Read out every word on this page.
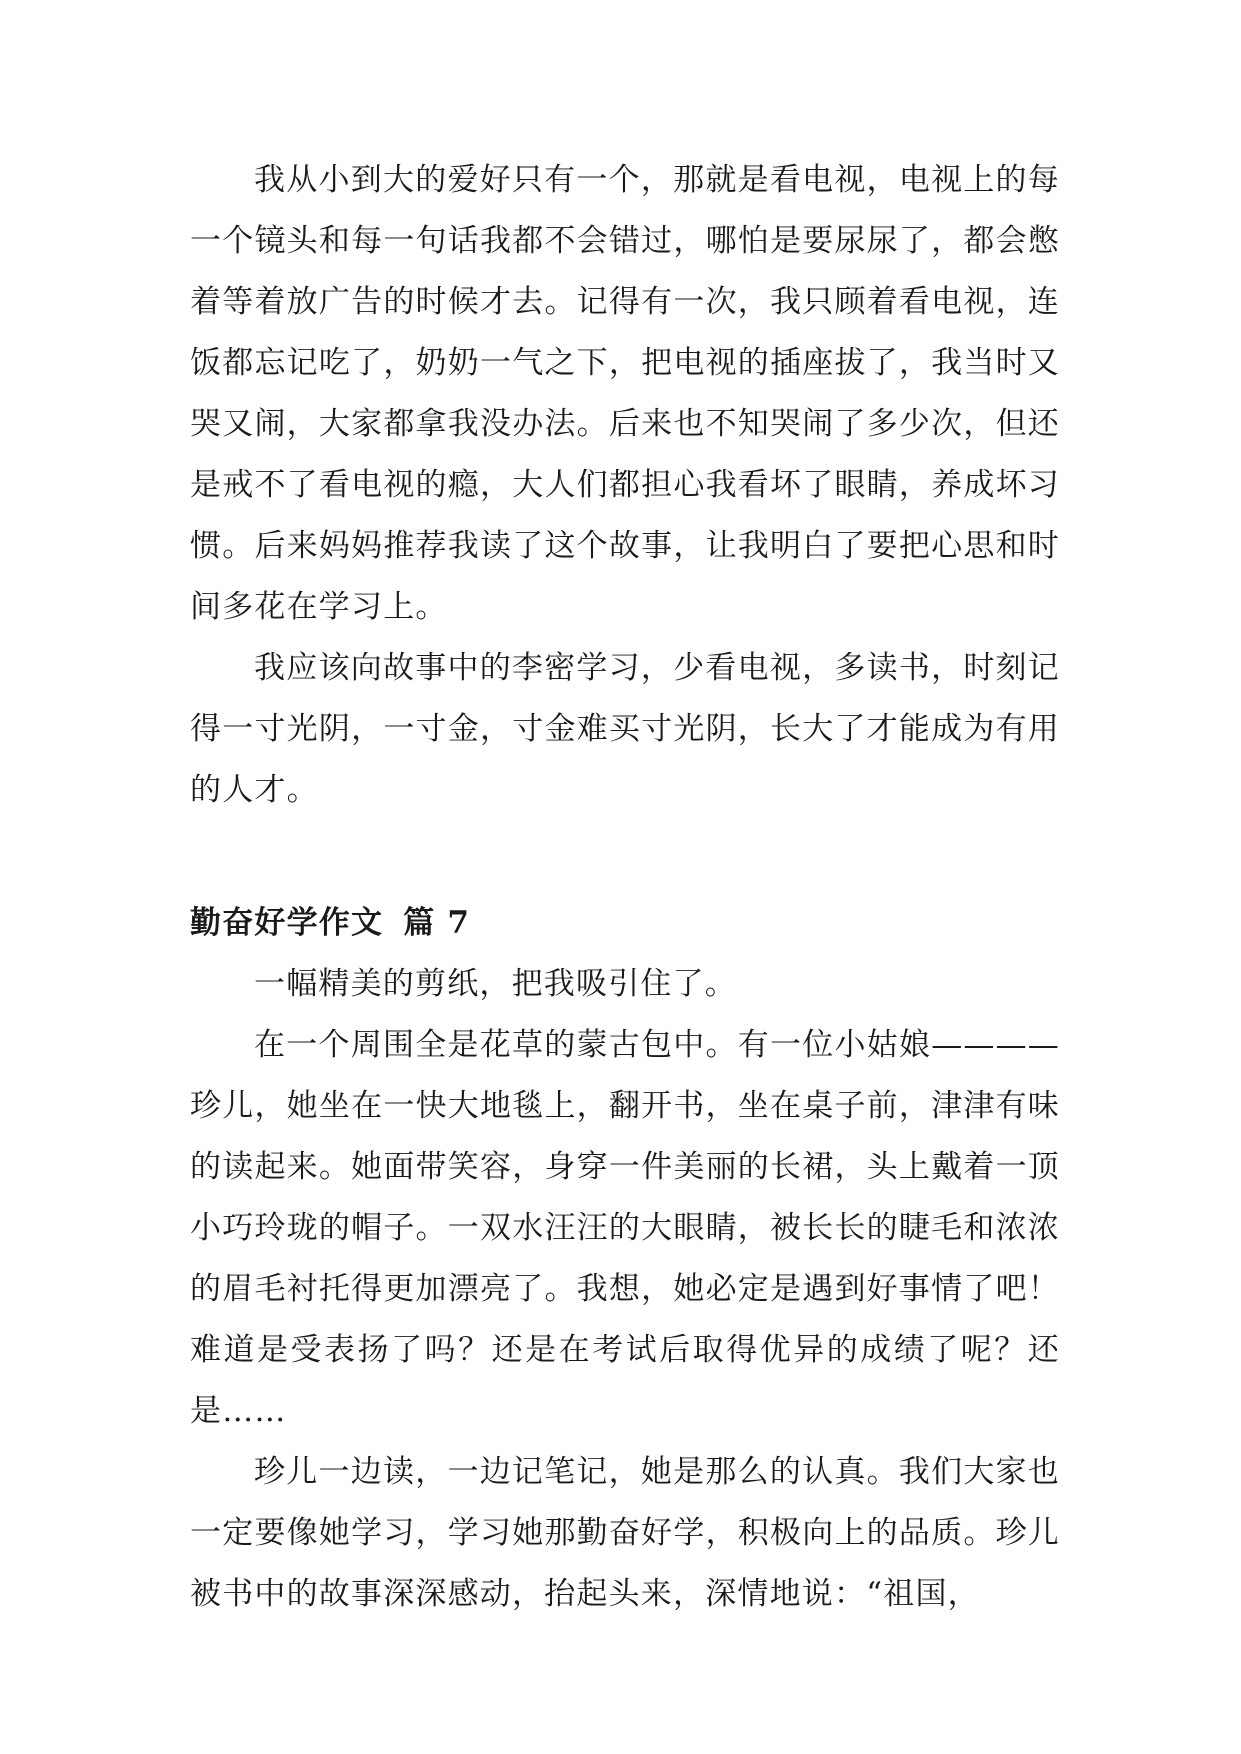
我从小到大的爱好只有一个，那就是看电视，电视上的每一个镜头和每一句话我都不会错过，哪怕是要尿尿了，都会憋着等着放广告的时候才去。记得有一次，我只顾着看电视，连饭都忘记吃了，奶奶一气之下，把电视的插座拔了，我当时又哭又闹，大家都拿我没办法。后来也不知哭闹了多少次，但还是戒不了看电视的瘾，大人们都担心我看坏了眼睛，养成坏习惯。后来妈妈推荐我读了这个故事，让我明白了要把心思和时间多花在学习上。

我应该向故事中的李密学习，少看电视，多读书，时刻记得一寸光阴，一寸金，寸金难买寸光阴，长大了才能成为有用的人才。

勤奋好学作文 篇 7

一幅精美的剪纸，把我吸引住了。

在一个周围全是花草的蒙古包中。有一位小姑娘————珍儿，她坐在一快大地毯上，翻开书，坐在桌子前，津津有味的读起来。她面带笑容，身穿一件美丽的长裙，头上戴着一顶小巧玲珑的帽子。一双水汪汪的大眼睛，被长长的睫毛和浓浓的眉毛衬托得更加漂亮了。我想，她必定是遇到好事情了吧！难道是受表扬了吗？还是在考试后取得优异的成绩了呢？还是……

珍儿一边读，一边记笔记，她是那么的认真。我们大家也一定要像她学习，学习她那勤奋好学，积极向上的品质。珍儿被书中的故事深深感动，抬起头来，深情地说：“祖国，
